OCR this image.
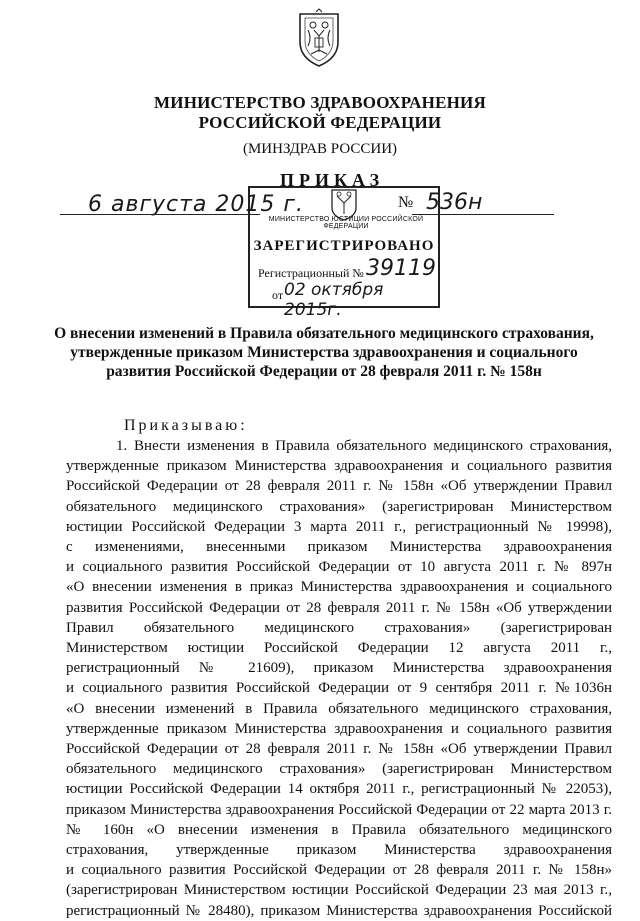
МИНИСТЕРСТВО ЗДРАВООХРАНЕНИЯ
РОССИЙСКОЙ ФЕДЕРАЦИИ
(МИНЗДРАВ РОССИИ)
МИНИСТЕРСТВО ЮСТИЦИИ РОССИЙСКОЙ ФЕДЕРАЦИИ
ЗАРЕГИСТРИРОВАНО
Регистрационный № 39119
от 02 октября 2015г.
ПРИКАЗ
6 августа 2015 г.	№ 536н
О внесении изменений в Правила обязательного медицинского страхования, утвержденные приказом Министерства здравоохранения и социального развития Российской Федерации от 28 февраля 2011 г. № 158н
Приказываю:
1. Внести изменения в Правила обязательного медицинского страхования,
утвержденные приказом Министерства здравоохранения и социального развития
Российской Федерации от 28 февраля 2011 г. № 158н «Об утверждении Правил
обязательного медицинского страхования» (зарегистрирован Министерством
юстиции Российской Федерации 3 марта 2011 г., регистрационный № 19998),
с изменениями, внесенными приказом Министерства здравоохранения
и социального развития Российской Федерации от 10 августа 2011 г. № 897н
«О внесении изменения в приказ Министерства здравоохранения и социального
развития Российской Федерации от 28 февраля 2011 г. № 158н «Об утверждении
Правил обязательного медицинского страхования» (зарегистрирован
Министерством юстиции Российской Федерации 12 августа 2011 г.,
регистрационный № 21609), приказом Министерства здравоохранения
и социального развития Российской Федерации от 9 сентября 2011 г. №1036н
«О внесении изменений в Правила обязательного медицинского страхования,
утвержденные приказом Министерства здравоохранения и социального развития
Российской Федерации от 28 февраля 2011 г. № 158н «Об утверждении Правил
обязательного медицинского страхования» (зарегистрирован Министерством
юстиции Российской Федерации 14 октября 2011 г., регистрационный № 22053),
приказом Министерства здравоохранения Российской Федерации от 22 марта 2013 г.
№ 160н «О внесении изменения в Правила обязательного медицинского
страхования, утвержденные приказом Министерства здравоохранения
и социального развития Российской Федерации от 28 февраля 2011 г. № 158н»
(зарегистрирован Министерством юстиции Российской Федерации 23 мая 2013 г.,
регистрационный № 28480), приказом Министерства здравоохранения Российской
